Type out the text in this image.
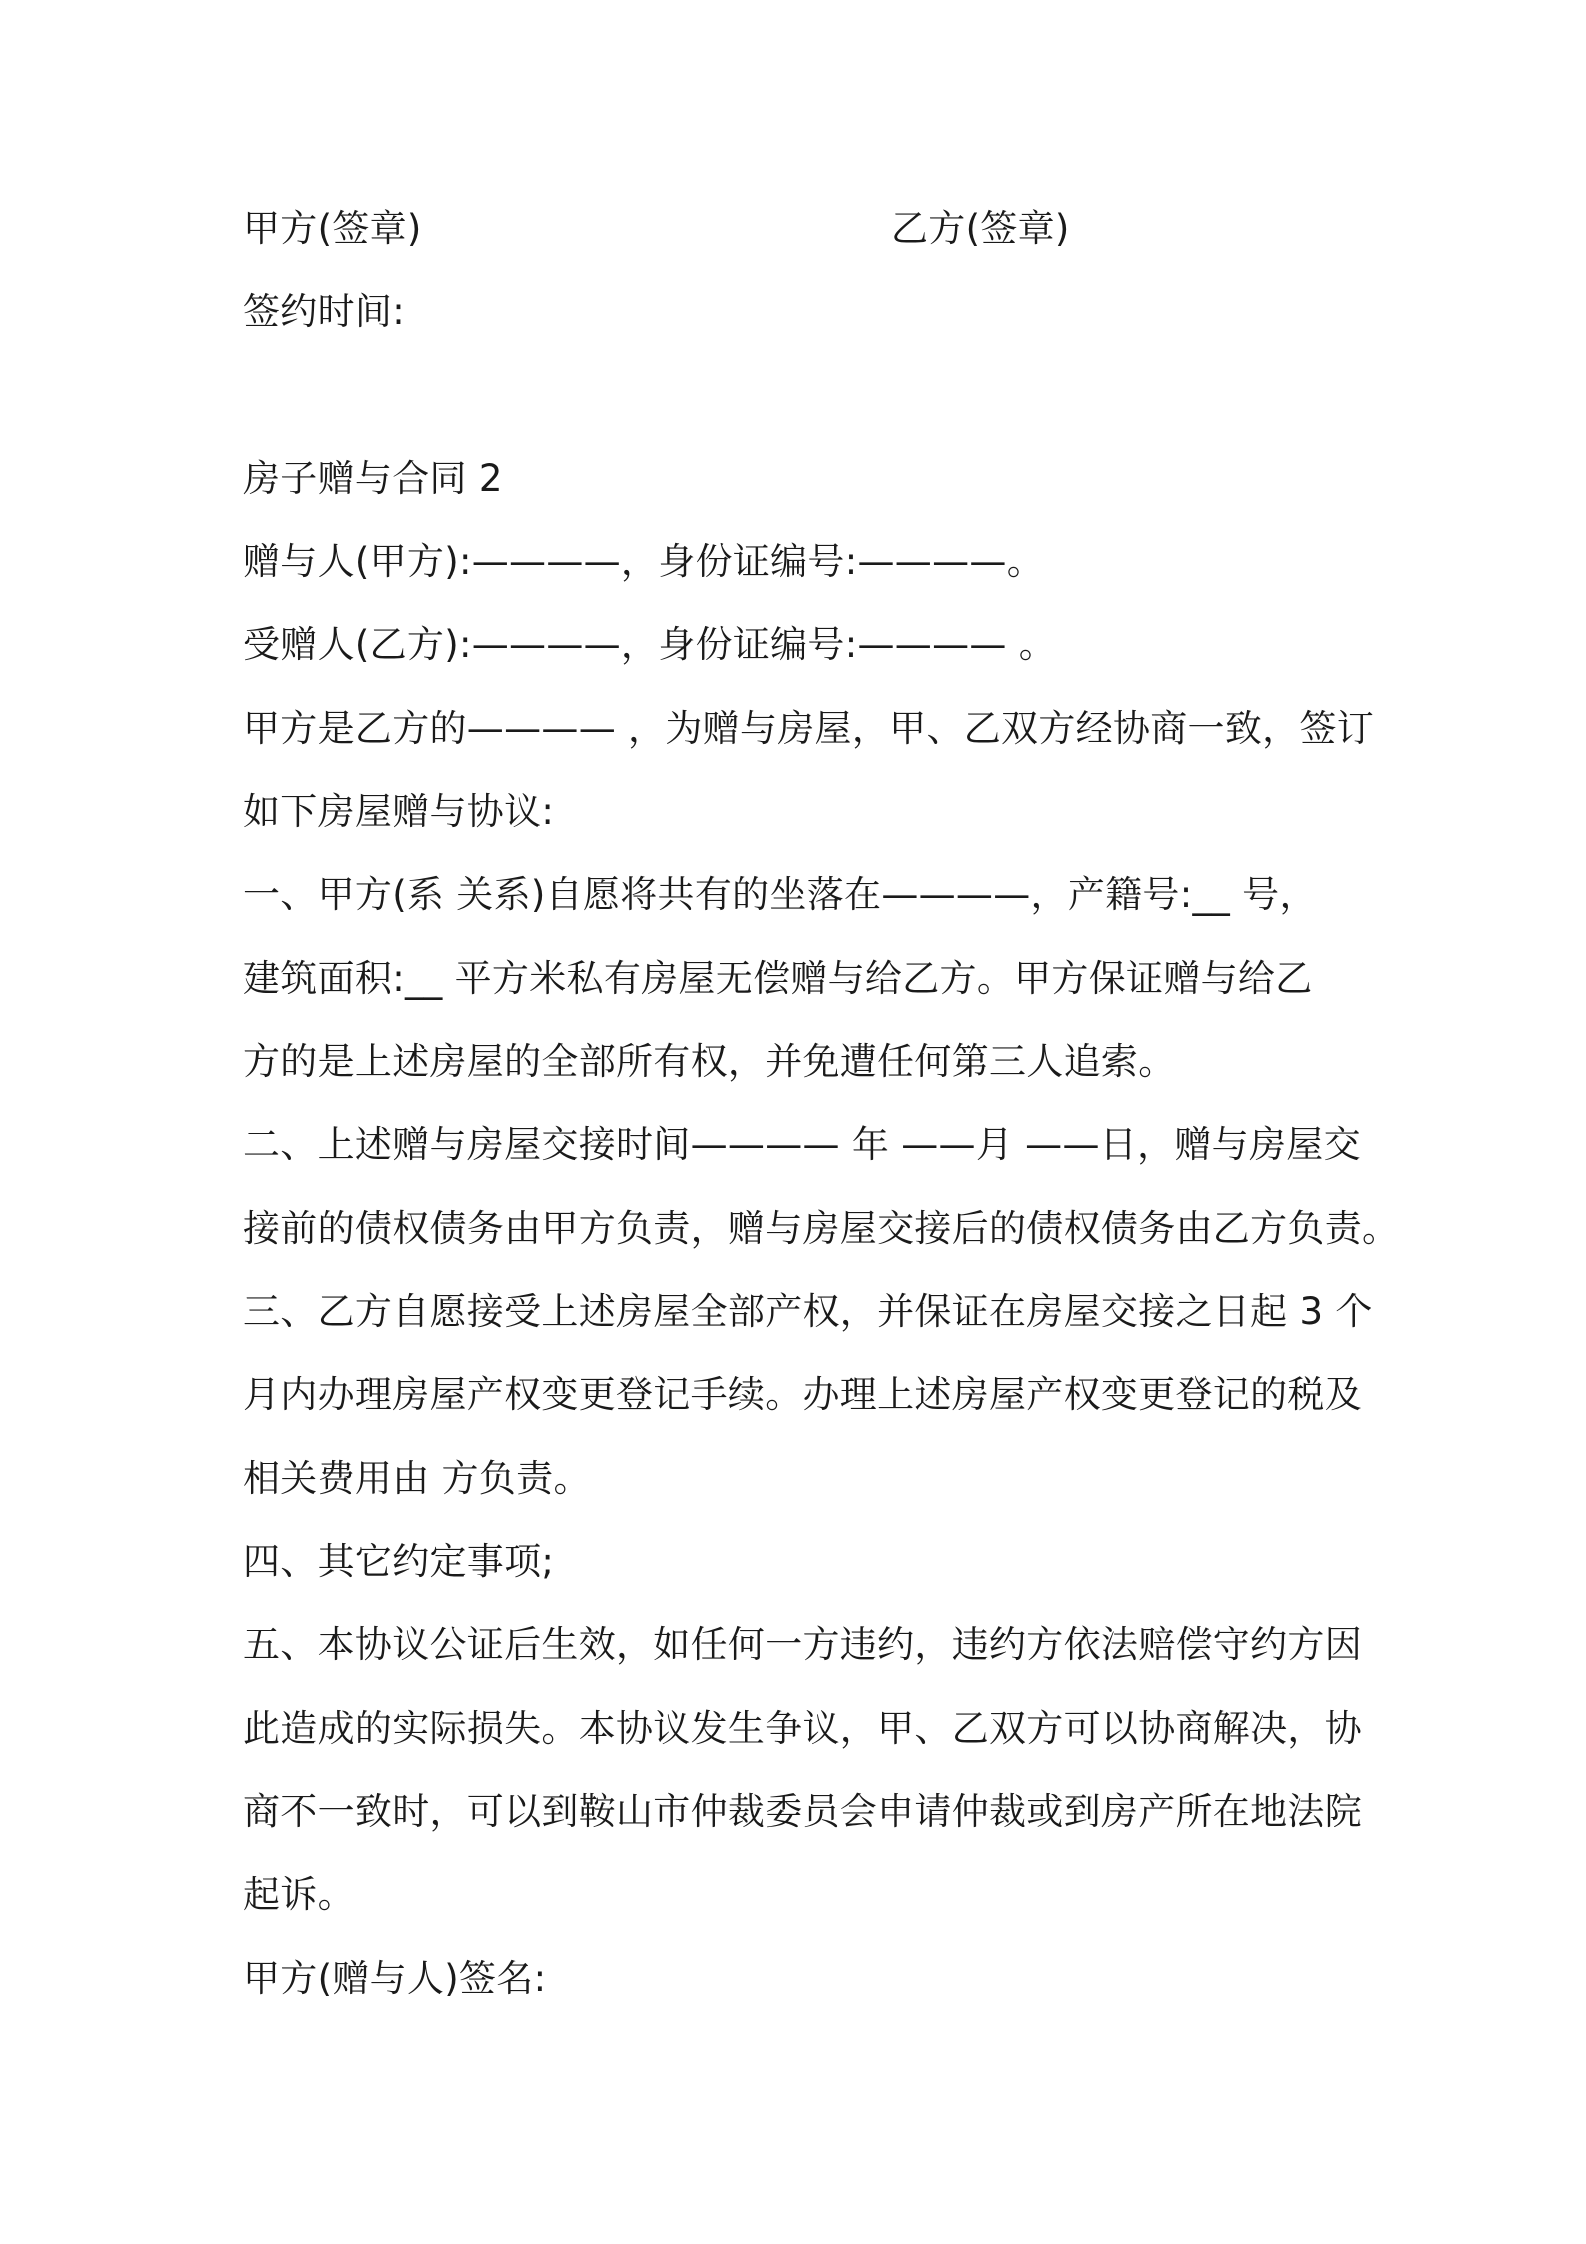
甲方(签章)	乙方(签章)
签约时间:
房子赠与合同 2
赠与人(甲方):————，身份证编号:————。
受赠人(乙方):————，身份证编号:———— 。
甲方是乙方的———— ，为赠与房屋，甲、乙双方经协商一致，签订
如下房屋赠与协议:
一、甲方(系 关系)自愿将共有的坐落在————，产籍号:__ 号，
建筑面积:__ 平方米私有房屋无偿赠与给乙方。甲方保证赠与给乙
方的是上述房屋的全部所有权，并免遭任何第三人追索。
二、上述赠与房屋交接时间———— 年 ——月 ——日，赠与房屋交
接前的债权债务由甲方负责，赠与房屋交接后的债权债务由乙方负责。
三、乙方自愿接受上述房屋全部产权，并保证在房屋交接之日起 3 个
月内办理房屋产权变更登记手续。办理上述房屋产权变更登记的税及
相关费用由 方负责。
四、其它约定事项;
五、本协议公证后生效，如任何一方违约，违约方依法赔偿守约方因
此造成的实际损失。本协议发生争议，甲、乙双方可以协商解决，协
商不一致时，可以到鞍山市仲裁委员会申请仲裁或到房产所在地法院
起诉。
甲方(赠与人)签名:
